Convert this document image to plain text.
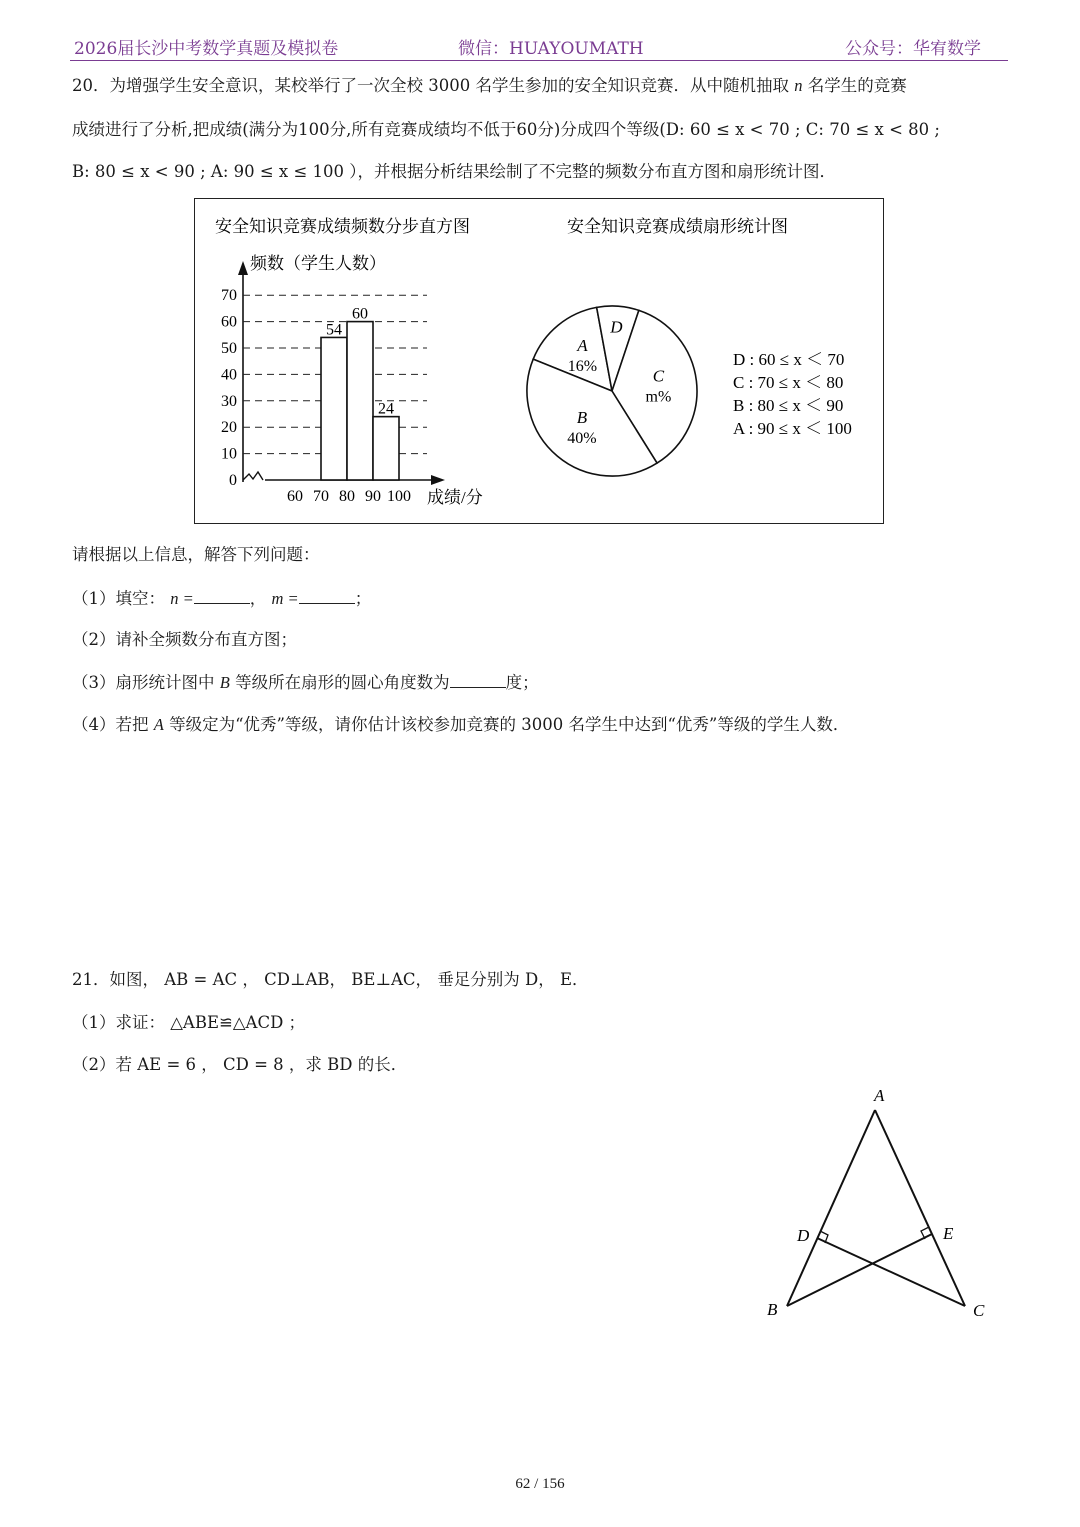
2026届长沙中考数学真题及模拟卷	微信：HUAYOUMATH	公众号：华宥数学
20．为增强学生安全意识，某校举行了一次全校 3000 名学生参加的安全知识竞赛．从中随机抽取 n 名学生的竞赛
成绩进行了分析,把成绩(满分为100分,所有竞赛成绩均不低于60分)分成四个等级(D: 60 ≤ x < 70 ; C: 70 ≤ x < 80 ;
B: 80 ≤ x < 90 ; A: 90 ≤ x ≤ 100 ），并根据分析结果绘制了不完整的频数分布直方图和扇形统计图．
安全知识竞赛成绩频数分步直方图
频数（学生人数）
成绩/分
0
10
20
30
40
50
60
70
60 70 80 90 100
54
60
24
安全知识竞赛成绩扇形统计图
A
16%
D
C
m%
B
40%
D : 60 ≤ x ＜ 70
C : 70 ≤ x ＜ 80
B : 80 ≤ x ＜ 90
A : 90 ≤ x ＜ 100
请根据以上信息，解答下列问题：
（1）填空： n =	， m =	；
（2）请补全频数分布直方图；
（3）扇形统计图中 B 等级所在扇形的圆心角度数为	度；
（4）若把 A 等级定为“优秀”等级，请你估计该校参加竞赛的 3000 名学生中达到“优秀”等级的学生人数．
21．如图， AB = AC ， CD⊥AB， BE⊥AC， 垂足分别为 D， E．
（1）求证： △ABE≌△ACD ；
（2）若 AE = 6 ， CD = 8 ，求 BD 的长．
A
B	C
D	E
62 / 156
